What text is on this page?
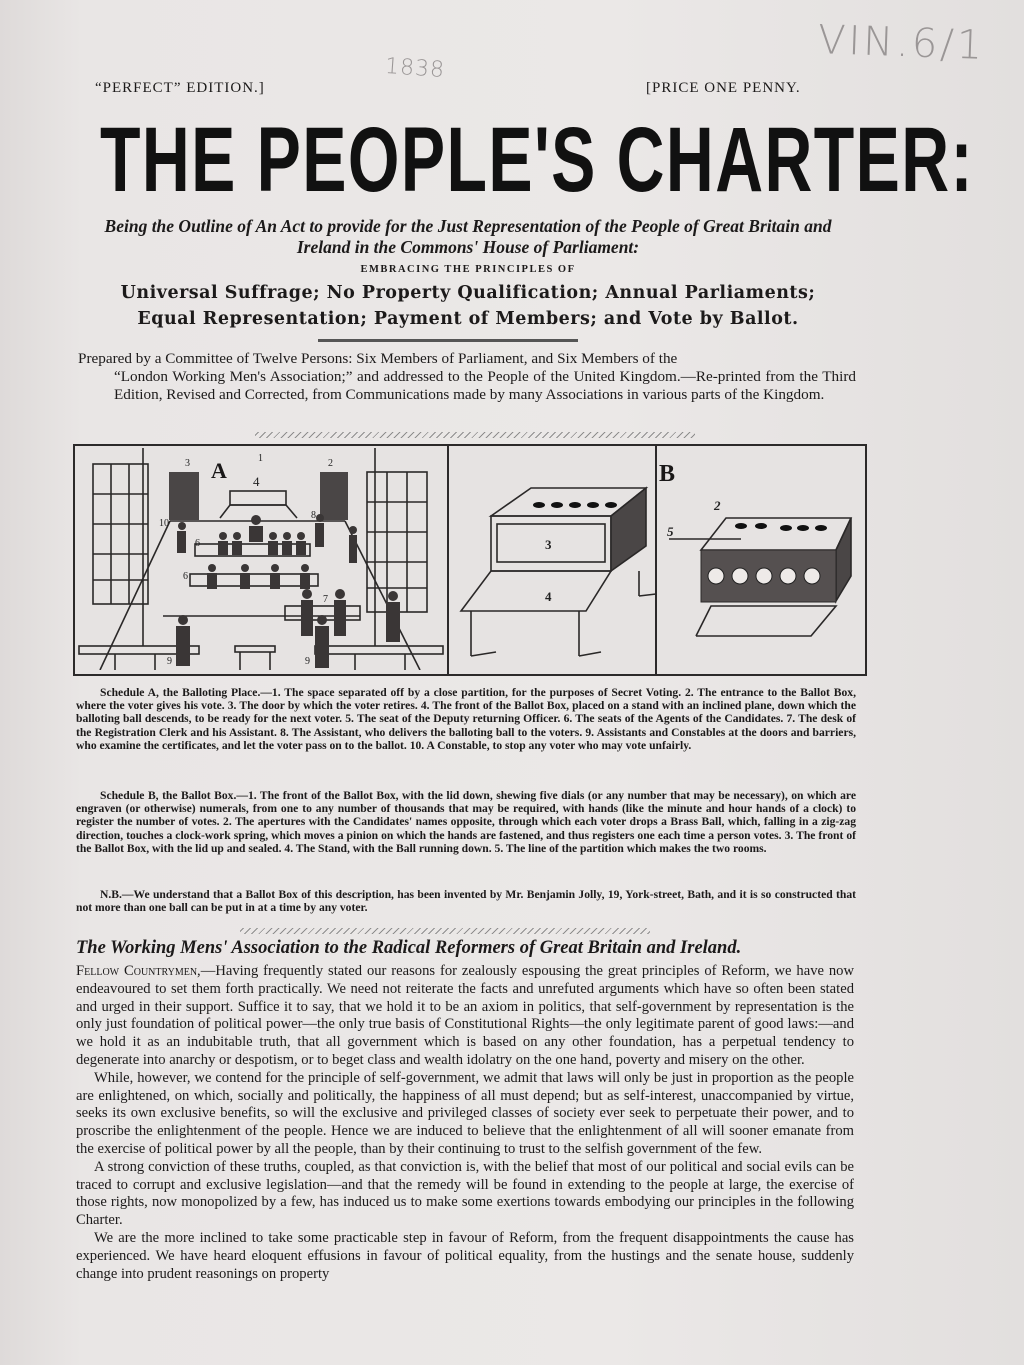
1838	VIN.6/1
“PERFECT” EDITION.]	[PRICE ONE PENNY.
THE PEOPLE'S CHARTER:
Being the Outline of An Act to provide for the Just Representation of the People of Great Britain and Ireland in the Commons' House of Parliament:
EMBRACING THE PRINCIPLES OF
Universal Suffrage; No Property Qualification; Annual Parliaments;
Equal Representation; Payment of Members; and Vote by Ballot.
Prepared by a Committee of Twelve Persons: Six Members of Parliament, and Six Members of the
“London Working Men's Association;” and addressed to the People of the United Kingdom.—Re-printed from the Third Edition, Revised and Corrected, from Communications made by many Associations in various parts of the Kingdom.
1	2
3
4
6
6
7
8
9	9
10
A
3
4
2
5
B

Schedule A, the Balloting Place.—1. The space separated off by a close partition, for the purposes of Secret Voting. 2. The entrance to the Ballot Box, where the voter gives his vote. 3. The door by which the voter retires. 4. The front of the Ballot Box, placed on a stand with an inclined plane, down which the balloting ball descends, to be ready for the next voter. 5. The seat of the Deputy returning Officer. 6. The seats of the Agents of the Candidates. 7. The desk of the Registration Clerk and his Assistant. 8. The Assistant, who delivers the balloting ball to the voters. 9. Assistants and Constables at the doors and barriers, who examine the certificates, and let the voter pass on to the ballot. 10. A Constable, to stop any voter who may vote unfairly.

Schedule B, the Ballot Box.—1. The front of the Ballot Box, with the lid down, shewing five dials (or any number that may be necessary), on which are engraven (or otherwise) numerals, from one to any number of thousands that may be required, with hands (like the minute and hour hands of a clock) to register the number of votes. 2. The apertures with the Candidates' names opposite, through which each voter drops a Brass Ball, which, falling in a zig-zag direction, touches a clock-work spring, which moves a pinion on which the hands are fastened, and thus registers one each time a person votes. 3. The front of the Ballot Box, with the lid up and sealed. 4. The Stand, with the Ball running down. 5. The line of the partition which makes the two rooms.

N.B.—We understand that a Ballot Box of this description, has been invented by Mr. Benjamin Jolly, 19, York-street, Bath, and it is so constructed that not more than one ball can be put in at a time by any voter.

The Working Mens' Association to the Radical Reformers of Great Britain and Ireland.

Fellow Countrymen,—Having frequently stated our reasons for zealously espousing the great principles of Reform, we have now endeavoured to set them forth practically. We need not reiterate the facts and unrefuted arguments which have so often been stated and urged in their support. Suffice it to say, that we hold it to be an axiom in politics, that self-government by representation is the only just foundation of political power—the only true basis of Constitutional Rights—the only legitimate parent of good laws:—and we hold it as an indubitable truth, that all government which is based on any other foundation, has a perpetual tendency to degenerate into anarchy or despotism, or to beget class and wealth idolatry on the one hand, poverty and misery on the other.

While, however, we contend for the principle of self-government, we admit that laws will only be just in proportion as the people are enlightened, on which, socially and politically, the happiness of all must depend; but as self-interest, unaccompanied by virtue, seeks its own exclusive benefits, so will the exclusive and privileged classes of society ever seek to perpetuate their power, and to proscribe the enlightenment of the people. Hence we are induced to believe that the enlightenment of all will sooner emanate from the exercise of political power by all the people, than by their continuing to trust to the selfish government of the few.

A strong conviction of these truths, coupled, as that conviction is, with the belief that most of our political and social evils can be traced to corrupt and exclusive legislation—and that the remedy will be found in extending to the people at large, the exercise of those rights, now monopolized by a few, has induced us to make some exertions towards embodying our principles in the following Charter.

We are the more inclined to take some practicable step in favour of Reform, from the frequent disappointments the cause has experienced. We have heard eloquent effusions in favour of political equality, from the hustings and the senate house, suddenly change into prudent reasonings on property
